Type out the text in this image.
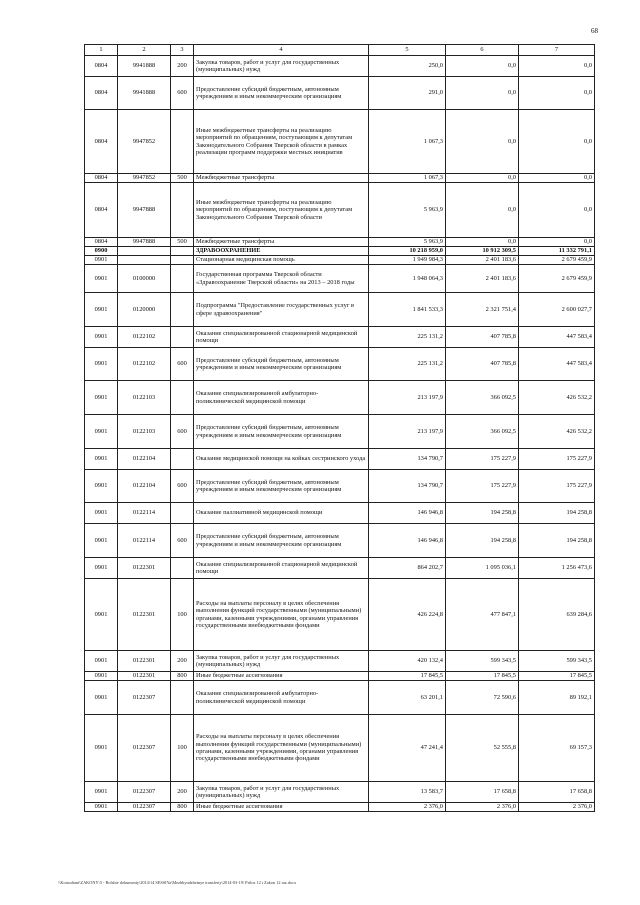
68
1	2	3	4	5	6	7
0804	9941888	200	Закупка товаров, работ и услуг для государственных (муниципальных) нужд	250,0	0,0	0,0
0804	9941888	600	Предоставление субсидий бюджетным, автономным учреждениям и иным некоммерческим организациям	291,0	0,0	0,0
0804	9947852		Иные межбюджетные трансферты на реализацию мероприятий по обращениям, поступающим к депутатам Законодательного Собрания Тверской области в рамках реализации программ поддержки местных инициатив	1 067,3	0,0	0,0
0804	9947852	500	Межбюджетные трансферты	1 067,3	0,0	0,0
0804	9947888		Иные межбюджетные трансферты на реализацию мероприятий по обращениям, поступающим к депутатам Законодательного Собрания Тверской области	5 963,9	0,0	0,0
0804	9947888	500	Межбюджетные трансферты	5 963,9	0,0	0,0
0900			ЗДРАВООХРАНЕНИЕ	10 218 959,0	10 912 309,5	11 332 791,1
0901			Стационарная медицинская помощь	1 949 984,3	2 401 183,6	2 679 459,9
0901	0100000		Государственная программа Тверской области «Здравоохранение Тверской области» на 2013 – 2018 годы	1 948 064,3	2 401 183,6	2 679 459,9
0901	0120000		Подпрограмма "Предоставление государственных услуг в сфере здравоохранения"	1 841 533,3	2 321 751,4	2 600 027,7
0901	0122102		Оказание специализированной стационарной медицинской помощи	225 131,2	407 785,8	447 583,4
0901	0122102	600	Предоставление субсидий бюджетным, автономным учреждениям и иным некоммерческим организациям	225 131,2	407 785,8	447 583,4
0901	0122103		Оказание специализированной амбулаторно-поликлинической медицинской помощи	213 197,9	366 092,5	426 532,2
0901	0122103	600	Предоставление субсидий бюджетным, автономным учреждениям и иным некоммерческим организациям	213 197,9	366 092,5	426 532,2
0901	0122104		Оказание медицинской помощи на койках сестринского ухода	134 790,7	175 227,9	175 227,9
0901	0122104	600	Предоставление субсидий бюджетным, автономным учреждениям и иным некоммерческим организациям	134 790,7	175 227,9	175 227,9
0901	0122114		Оказание паллиативной медицинской помощи	146 946,8	194 258,8	194 258,8
0901	0122114	600	Предоставление субсидий бюджетным, автономным учреждениям и иным некоммерческим организациям	146 946,8	194 258,8	194 258,8
0901	0122301		Оказание специализированной стационарной медицинской помощи	864 202,7	1 095 036,1	1 256 473,6
0901	0122301	100	Расходы на выплаты персоналу в целях обеспечения выполнения функций государственными (муниципальными) органами, казенными учреждениями, органами управления государственными внебюджетными фондами	426 224,8	477 847,1	639 284,6
0901	0122301	200	Закупка товаров, работ и услуг для государственных (муниципальных) нужд	420 132,4	599 343,5	599 343,5
0901	0122301	800	Иные бюджетные ассигнования	17 845,5	17 845,5	17 845,5
0901	0122307		Оказание специализированной амбулаторно-поликлинической медицинской помощи	63 201,1	72 590,6	89 192,1
0901	0122307	100	Расходы на выплаты персоналу в целях обеспечения выполнения функций государственными (муниципальными) органами, казенными учреждениями, органами управления государственными внебюджетными фондами	47 241,4	52 555,8	69 157,3
0901	0122307	200	Закупка товаров, работ и услуг для государственных (муниципальных) нужд	13 583,7	17 658,8	17 658,8
0901	0122307	800	Иные бюджетные ассигнования	2 376,0	2 376,0	2 376,0
\\Konsultant\ZAKONY\3 - Bolshie dokumenty\2014\14 SESSIYa\Mezhbyudzhetnye transferty\2014-03-19\ Priloz 12 i Zakon 12 raz.docx
